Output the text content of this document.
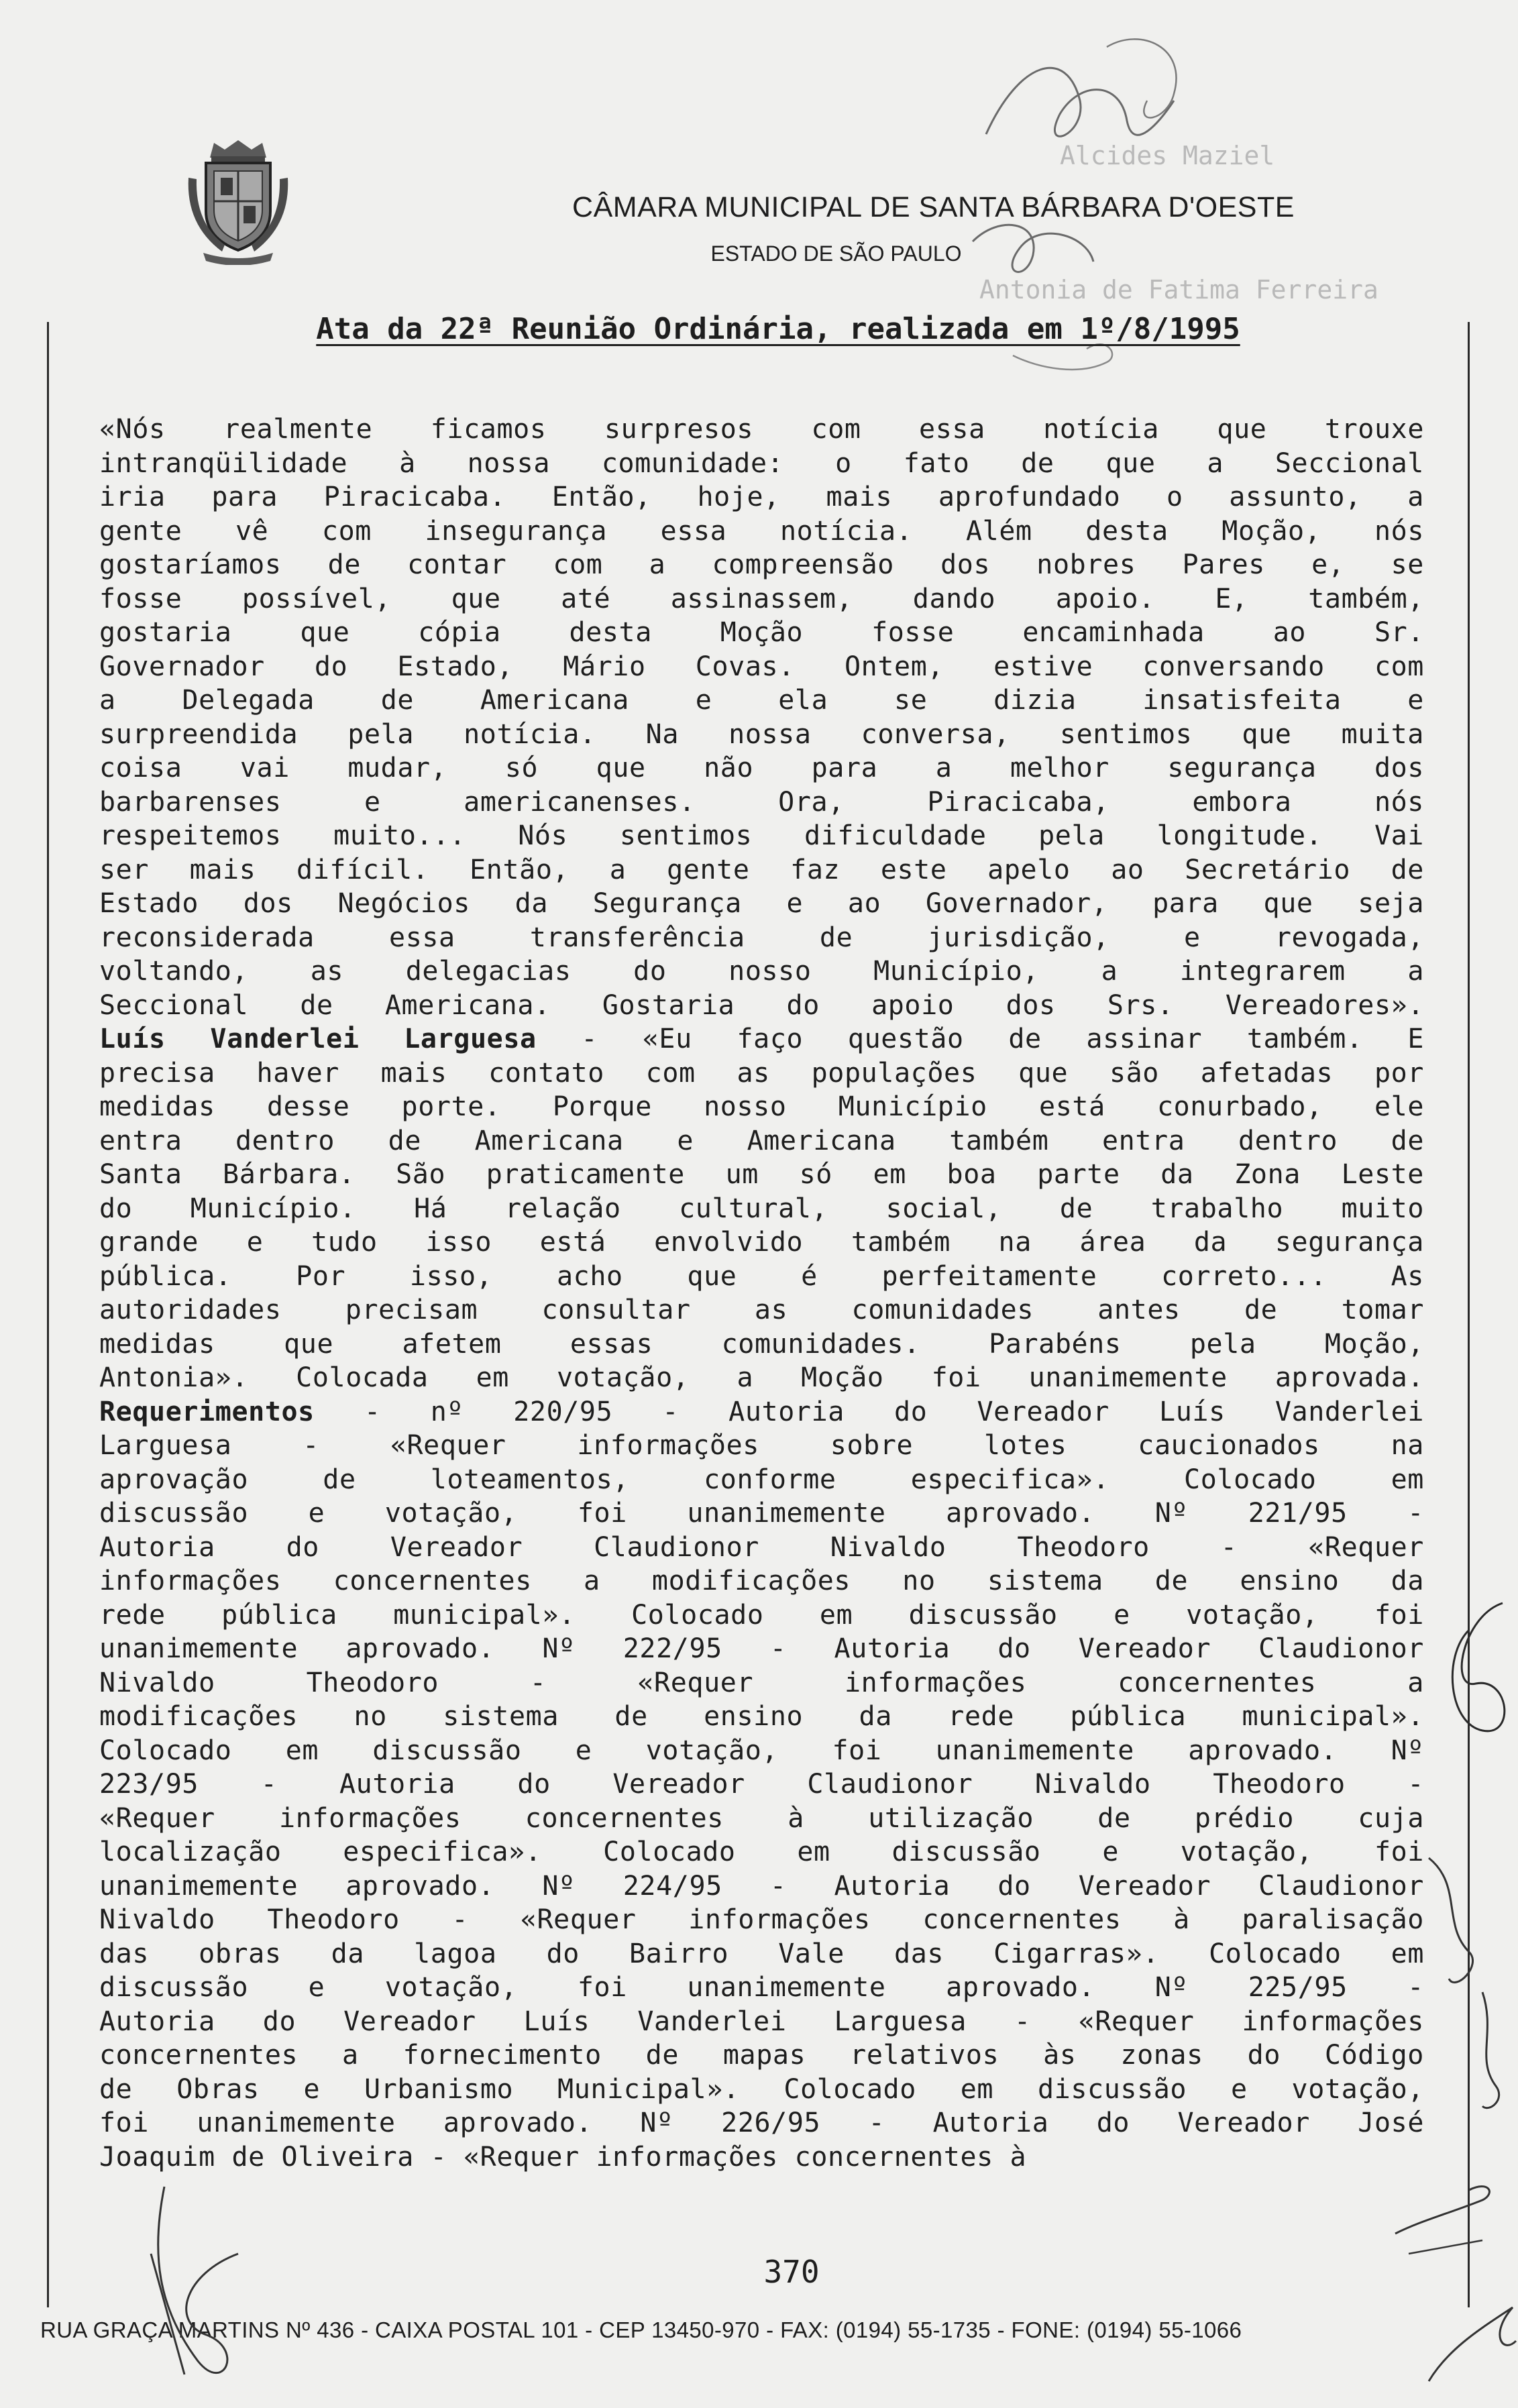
CÂMARA MUNICIPAL DE SANTA BÁRBARA D'OESTE
ESTADO DE SÃO PAULO
Alcides Maziel
Antonia de Fatima Ferreira
Ata da 22ª Reunião Ordinária, realizada em 1º/8/1995
«Nós realmente ficamos surpresos com essa notícia que trouxe
intranqüilidade à nossa comunidade: o fato de que a Seccional
iria para Piracicaba. Então, hoje, mais aprofundado o assunto, a
gente vê com insegurança essa notícia. Além desta Moção, nós
gostaríamos de contar com a compreensão dos nobres Pares e, se
fosse possível, que até assinassem, dando apoio. E, também,
gostaria que cópia desta Moção fosse encaminhada ao Sr.
Governador do Estado, Mário Covas. Ontem, estive conversando com
a Delegada de Americana e ela se dizia insatisfeita e
surpreendida pela notícia. Na nossa conversa, sentimos que muita
coisa vai mudar, só que não para a melhor segurança dos
barbarenses e americanenses. Ora, Piracicaba, embora nós
respeitemos muito... Nós sentimos dificuldade pela longitude. Vai
ser mais difícil. Então, a gente faz este apelo ao Secretário de
Estado dos Negócios da Segurança e ao Governador, para que seja
reconsiderada essa transferência de jurisdição, e revogada,
voltando, as delegacias do nosso Município, a integrarem a
Seccional de Americana. Gostaria do apoio dos Srs. Vereadores».
Luís Vanderlei Larguesa - «Eu faço questão de assinar também. E
precisa haver mais contato com as populações que são afetadas por
medidas desse porte. Porque nosso Município está conurbado, ele
entra dentro de Americana e Americana também entra dentro de
Santa Bárbara. São praticamente um só em boa parte da Zona Leste
do Município. Há relação cultural, social, de trabalho muito
grande e tudo isso está envolvido também na área da segurança
pública. Por isso, acho que é perfeitamente correto... As
autoridades precisam consultar as comunidades antes de tomar
medidas que afetem essas comunidades. Parabéns pela Moção,
Antonia». Colocada em votação, a Moção foi unanimemente aprovada.
Requerimentos - nº 220/95 - Autoria do Vereador Luís Vanderlei
Larguesa - «Requer informações sobre lotes caucionados na
aprovação de loteamentos, conforme especifica». Colocado em
discussão e votação, foi unanimemente aprovado. Nº 221/95 -
Autoria do Vereador Claudionor Nivaldo Theodoro - «Requer
informações concernentes a modificações no sistema de ensino da
rede pública municipal». Colocado em discussão e votação, foi
unanimemente aprovado. Nº 222/95 - Autoria do Vereador Claudionor
Nivaldo Theodoro - «Requer informações concernentes a
modificações no sistema de ensino da rede pública municipal».
Colocado em discussão e votação, foi unanimemente aprovado. Nº
223/95 - Autoria do Vereador Claudionor Nivaldo Theodoro -
«Requer informações concernentes à utilização de prédio cuja
localização especifica». Colocado em discussão e votação, foi
unanimemente aprovado. Nº 224/95 - Autoria do Vereador Claudionor
Nivaldo Theodoro - «Requer informações concernentes à paralisação
das obras da lagoa do Bairro Vale das Cigarras». Colocado em
discussão e votação, foi unanimemente aprovado. Nº 225/95 -
Autoria do Vereador Luís Vanderlei Larguesa - «Requer informações
concernentes a fornecimento de mapas relativos às zonas do Código
de Obras e Urbanismo Municipal». Colocado em discussão e votação,
foi unanimemente aprovado. Nº 226/95 - Autoria do Vereador José
Joaquim de Oliveira - «Requer informações concernentes à
370
RUA GRAÇA MARTINS Nº 436 - CAIXA POSTAL 101 - CEP 13450-970 - FAX: (0194) 55-1735 - FONE: (0194) 55-1066
